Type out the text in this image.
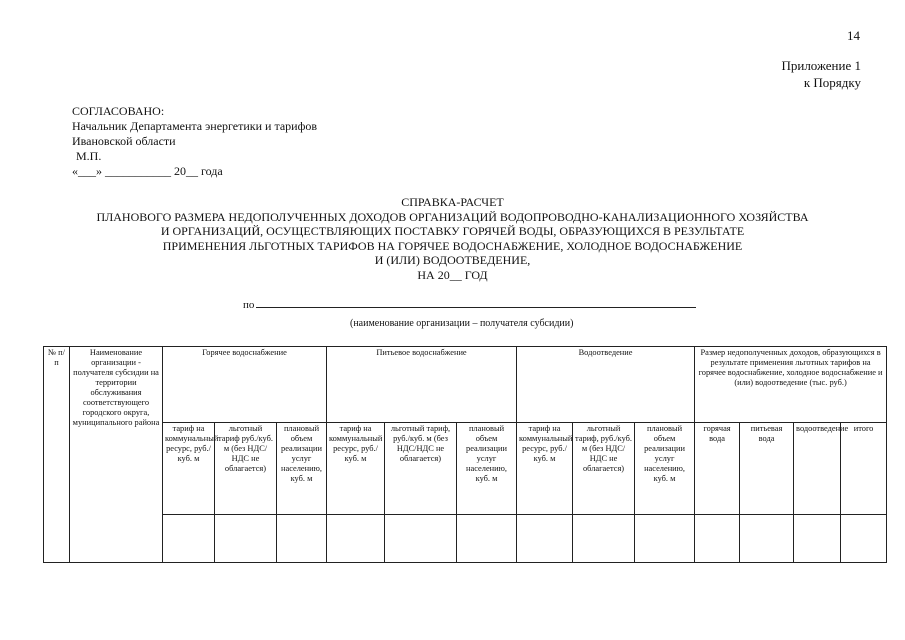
14
Приложение 1
к Порядку
СОГЛАСОВАНО:
Начальник Департамента энергетики и тарифов
Ивановской области
М.П.
«___» ___________ 20__ года
СПРАВКА-РАСЧЕТ
ПЛАНОВОГО РАЗМЕРА НЕДОПОЛУЧЕННЫХ ДОХОДОВ ОРГАНИЗАЦИЙ ВОДОПРОВОДНО-КАНАЛИЗАЦИОННОГО ХОЗЯЙСТВА
И ОРГАНИЗАЦИЙ, ОСУЩЕСТВЛЯЮЩИХ ПОСТАВКУ ГОРЯЧЕЙ ВОДЫ, ОБРАЗУЮЩИХСЯ В РЕЗУЛЬТАТЕ
ПРИМЕНЕНИЯ ЛЬГОТНЫХ ТАРИФОВ НА ГОРЯЧЕЕ ВОДОСНАБЖЕНИЕ, ХОЛОДНОЕ ВОДОСНАБЖЕНИЕ
И (ИЛИ) ВОДООТВЕДЕНИЕ,
НА 20__ ГОД
по
(наименование организации – получателя субсидии)
№ п/п	Наименование организации - получателя субсидии на территории обслуживания соответствующего городского округа, муниципального района	Горячее водоснабжение			Питьевое водоснабжение			Водоотведение			Размер недополученных доходов, образующихся в результате применения льготных тарифов на горячее водоснабжение, холодное водоснабжение и (или) водоотведение (тыс. руб.)			
		тариф на коммунальный ресурс, руб./куб. м	льготный тариф руб./куб. м (без НДС/НДС не облагается)	плановый объем реализации услуг населению, куб. м	тариф на коммунальный ресурс, руб./куб. м	льготный тариф, руб./куб. м (без НДС/НДС не облагается)	плановый объем реализации услуг населению, куб. м	тариф на коммунальный ресурс, руб./куб. м	льготный тариф, руб./куб. м (без НДС/НДС не облагается)	плановый объем реализации услуг населению, куб. м	горячая вода	питьевая вода	водоотведение	итого
